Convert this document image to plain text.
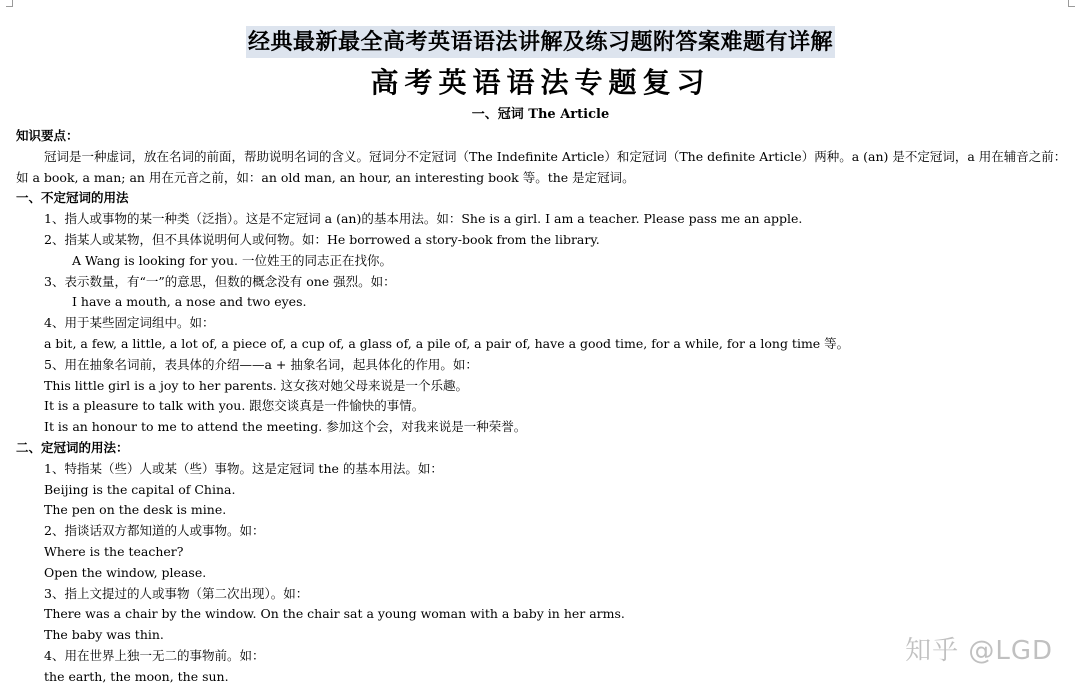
经典最新最全高考英语语法讲解及练习题附答案难题有详解
高考英语语法专题复习
一、冠词 The Article
知识要点：
冠词是一种虚词，放在名词的前面，帮助说明名词的含义。冠词分不定冠词（The Indefinite Article）和定冠词（The definite Article）两种。a (an) 是不定冠词，a 用在辅音之前：如 a book, a man; an 用在元音之前，如：an old man, an hour, an interesting book 等。the 是定冠词。
一、不定冠词的用法
1、指人或事物的某一种类（泛指）。这是不定冠词 a (an)的基本用法。如：She is a girl. I am a teacher. Please pass me an apple.
2、指某人或某物，但不具体说明何人或何物。如：He borrowed a story-book from the library.
A Wang is looking for you. 一位姓王的同志正在找你。
3、表示数量，有“一”的意思，但数的概念没有 one 强烈。如：
I have a mouth, a nose and two eyes.
4、用于某些固定词组中。如：
a bit, a few, a little, a lot of, a piece of, a cup of, a glass of, a pile of, a pair of, have a good time, for a while, for a long time 等。
5、用在抽象名词前，表具体的介绍——a + 抽象名词，起具体化的作用。如：
This little girl is a joy to her parents. 这女孩对她父母来说是一个乐趣。
It is a pleasure to talk with you. 跟您交谈真是一件愉快的事情。
It is an honour to me to attend the meeting. 参加这个会，对我来说是一种荣誉。
二、定冠词的用法：
1、特指某（些）人或某（些）事物。这是定冠词 the 的基本用法。如：
Beijing is the capital of China.
The pen on the desk is mine.
2、指谈话双方都知道的人或事物。如：
Where is the teacher?
Open the window, please.
3、指上文提过的人或事物（第二次出现）。如：
There was a chair by the window. On the chair sat a young woman with a baby in her arms.
The baby was thin.
4、用在世界上独一无二的事物前。如：
the earth, the moon, the sun.
知乎 @LGD
